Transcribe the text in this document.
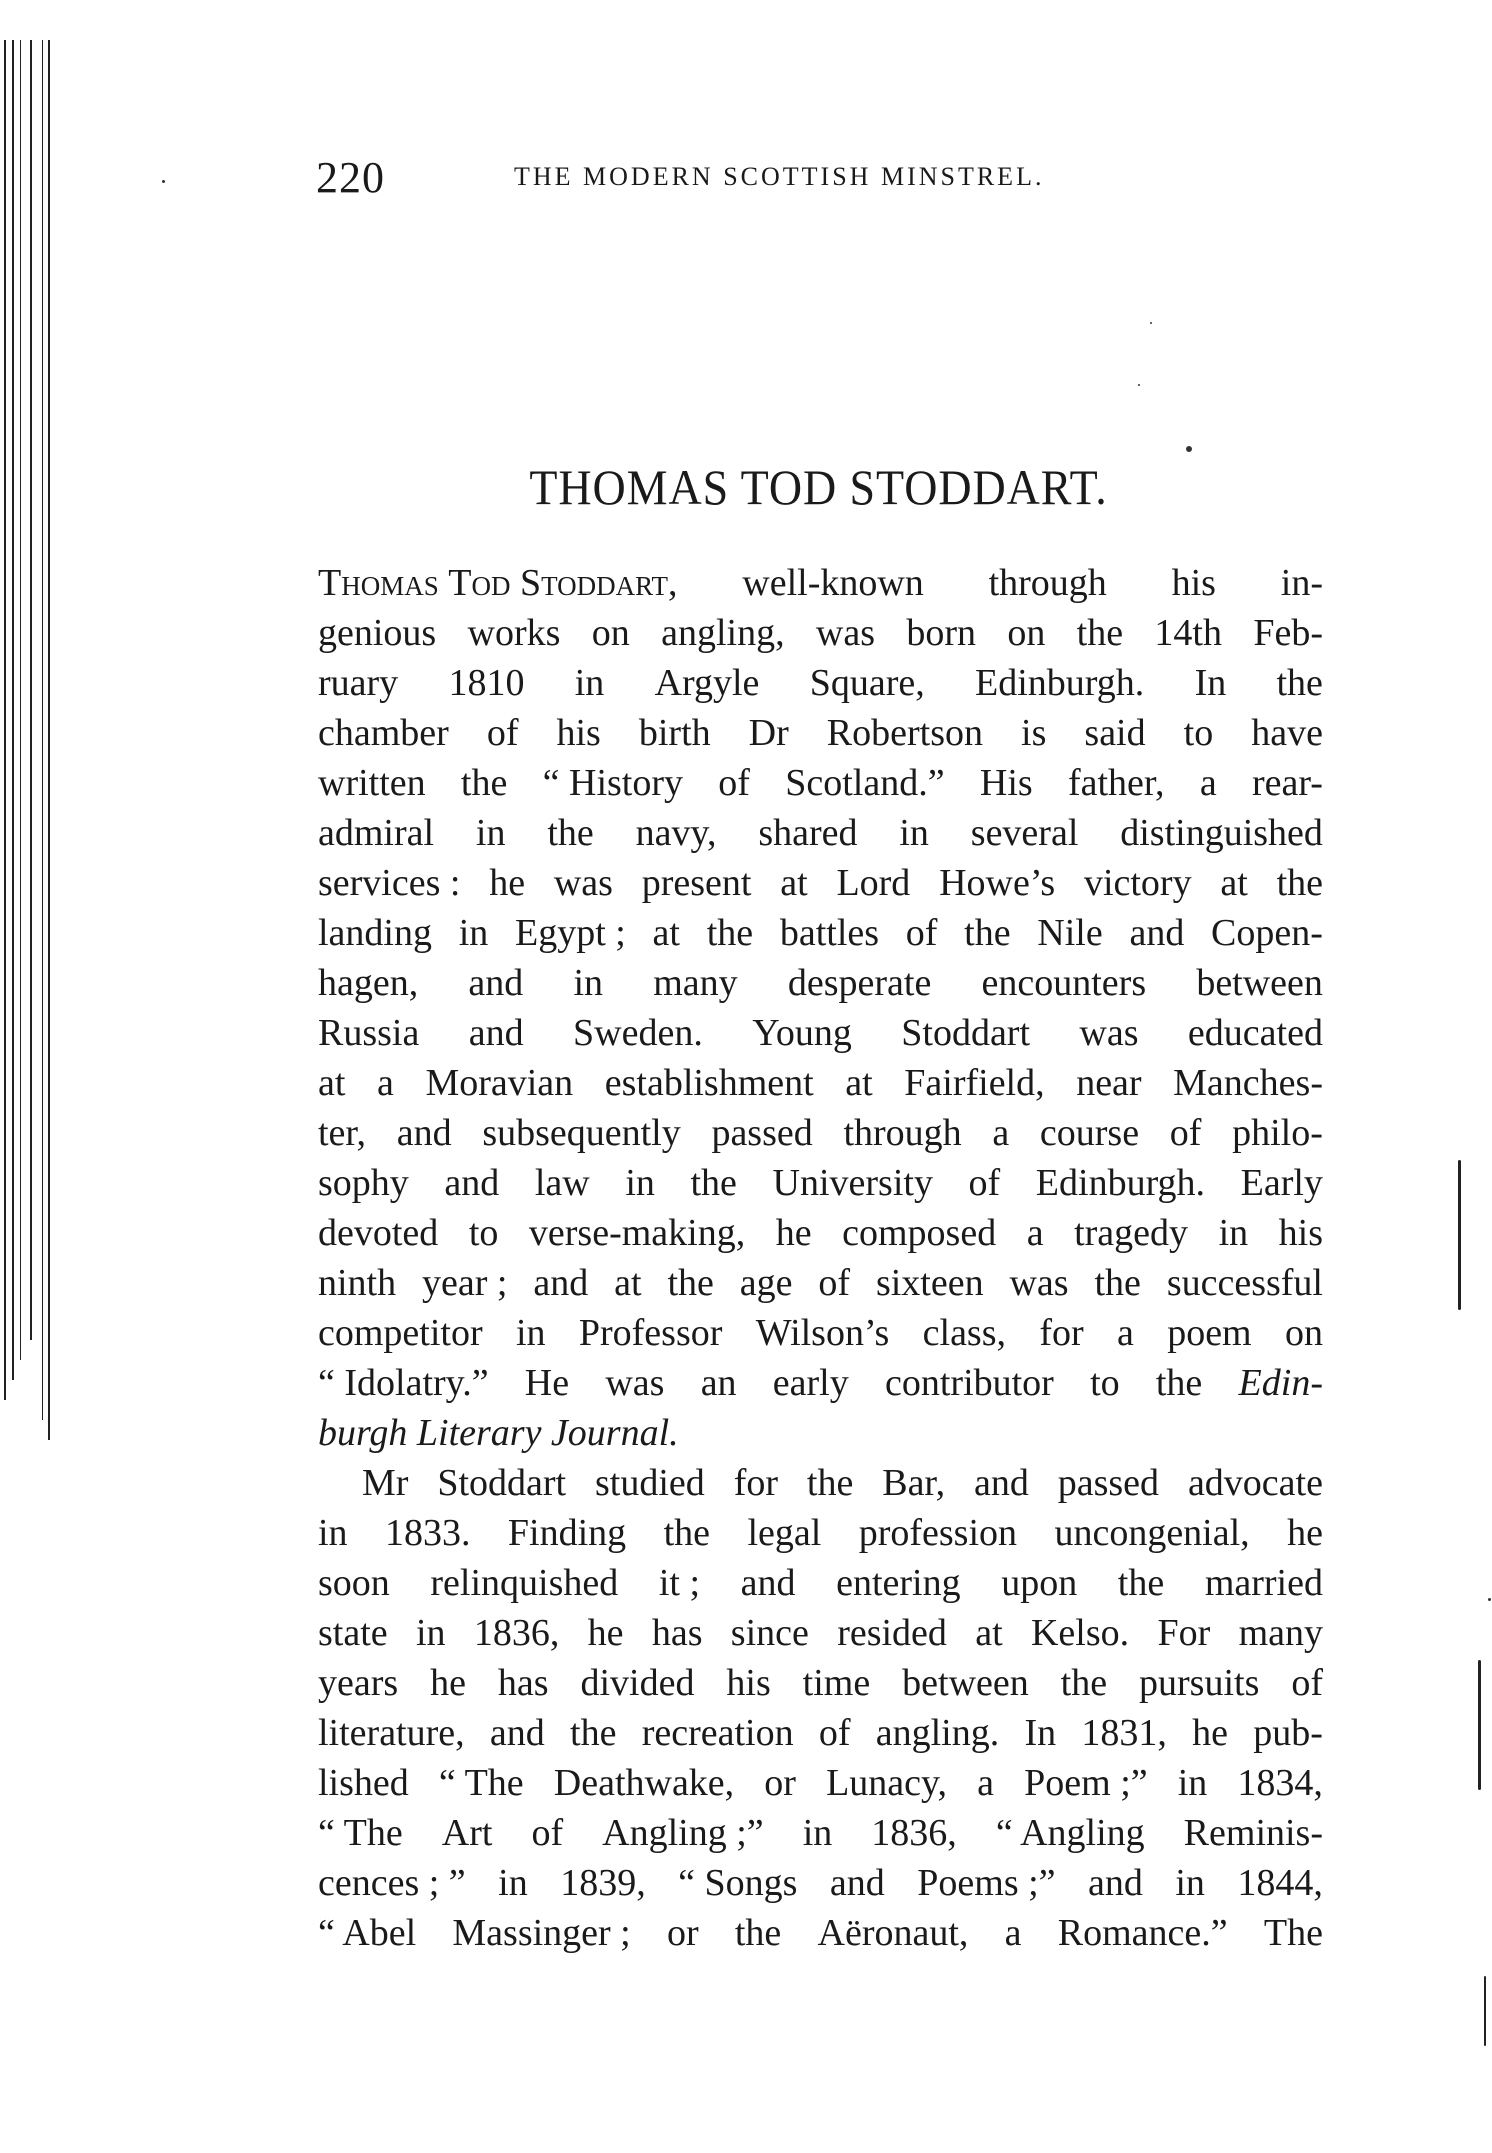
220	THE MODERN SCOTTISH MINSTREL.
THOMAS TOD STODDART.
Thomas Tod Stoddart, well-known through his in-
genious works on angling, was born on the 14th Feb-
ruary 1810 in Argyle Square, Edinburgh. In the
chamber of his birth Dr Robertson is said to have
written the “ History of Scotland.” His father, a rear-
admiral in the navy, shared in several distinguished
services : he was present at Lord Howe’s victory at the
landing in Egypt ; at the battles of the Nile and Copen-
hagen, and in many desperate encounters between
Russia and Sweden. Young Stoddart was educated
at a Moravian establishment at Fairfield, near Manches-
ter, and subsequently passed through a course of philo-
sophy and law in the University of Edinburgh. Early
devoted to verse-making, he composed a tragedy in his
ninth year ; and at the age of sixteen was the successful
competitor in Professor Wilson’s class, for a poem on
“ Idolatry.” He was an early contributor to the Edin-
burgh Literary Journal.
Mr Stoddart studied for the Bar, and passed advocate
in 1833. Finding the legal profession uncongenial, he
soon relinquished it ; and entering upon the married
state in 1836, he has since resided at Kelso. For many
years he has divided his time between the pursuits of
literature, and the recreation of angling. In 1831, he pub-
lished “ The Deathwake, or Lunacy, a Poem ;” in 1834,
“ The Art of Angling ;” in 1836, “ Angling Reminis-
cences ; ” in 1839, “ Songs and Poems ;” and in 1844,
“ Abel Massinger ; or the Aëronaut, a Romance.” The
